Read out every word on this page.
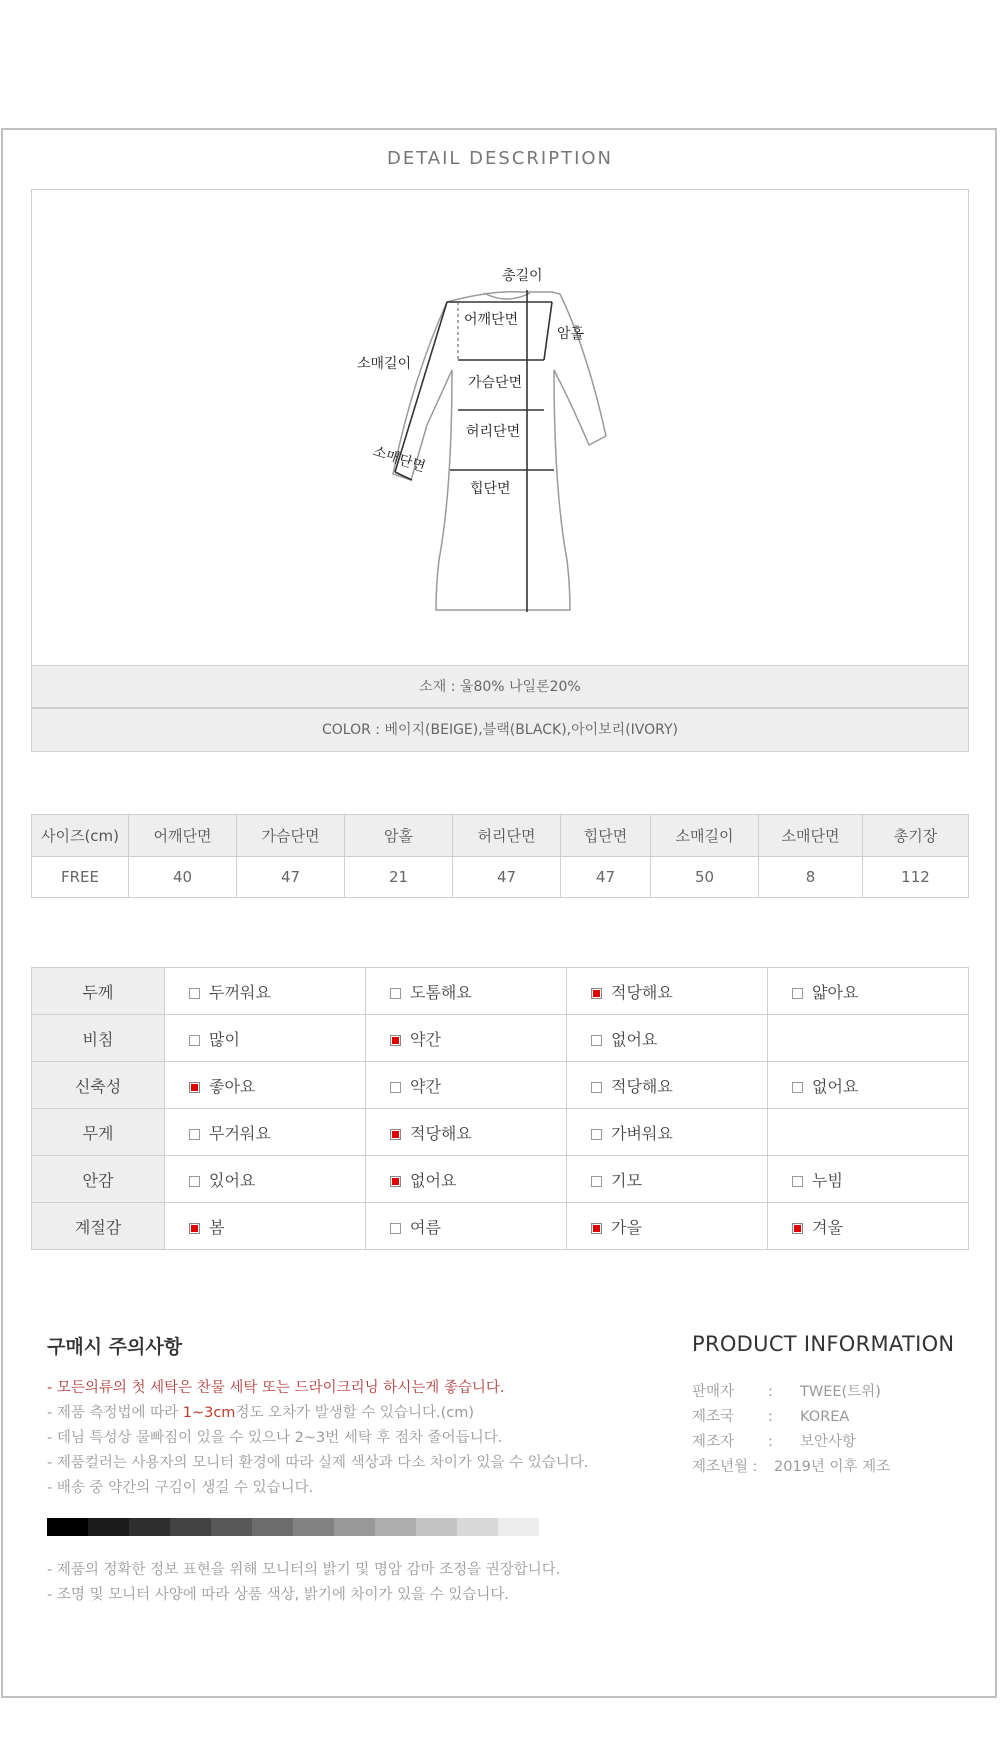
DETAIL DESCRIPTION
총길이
어깨단면
암홀
소매길이
가슴단면
허리단면
소매단면
힙단면
소재 : 울80% 나일론20%
COLOR : 베이지(BEIGE),블랙(BLACK),아이보리(IVORY)
사이즈(cm)	어깨단면	가슴단면	암홀	허리단면	힙단면	소매길이	소매단면	총기장
FREE	40	47	21	47	47	50	8	112
두께	두꺼워요	도톰해요	적당해요	얇아요
비침	많이	약간	없어요	
신축성	좋아요	약간	적당해요	없어요
무게	무거워요	적당해요	가벼워요	
안감	있어요	없어요	기모	누빔
계절감	봄	여름	가을	겨울
구매시 주의사항
- 모든의류의 첫 세탁은 찬물 세탁 또는 드라이크리닝 하시는게 좋습니다.
- 제품 측정법에 따라 1~3cm정도 오차가 발생할 수 있습니다.(cm)
- 데님 특성상 물빠짐이 있을 수 있으나 2~3번 세탁 후 점차 줄어듭니다.
- 제품컬러는 사용자의 모니터 환경에 따라 실제 색상과 다소 차이가 있을 수 있습니다.
- 배송 중 약간의 구김이 생길 수 있습니다.
- 제품의 정확한 정보 표현을 위해 모니터의 밝기 및 명암 감마 조정을 권장합니다.
- 조명 및 모니터 사양에 따라 상품 색상, 밝기에 차이가 있을 수 있습니다.
PRODUCT INFORMATION
판매자	:	TWEE(트위)
제조국	:	KOREA
제조자	:	보안사항
제조년월 :	2019년 이후 제조
